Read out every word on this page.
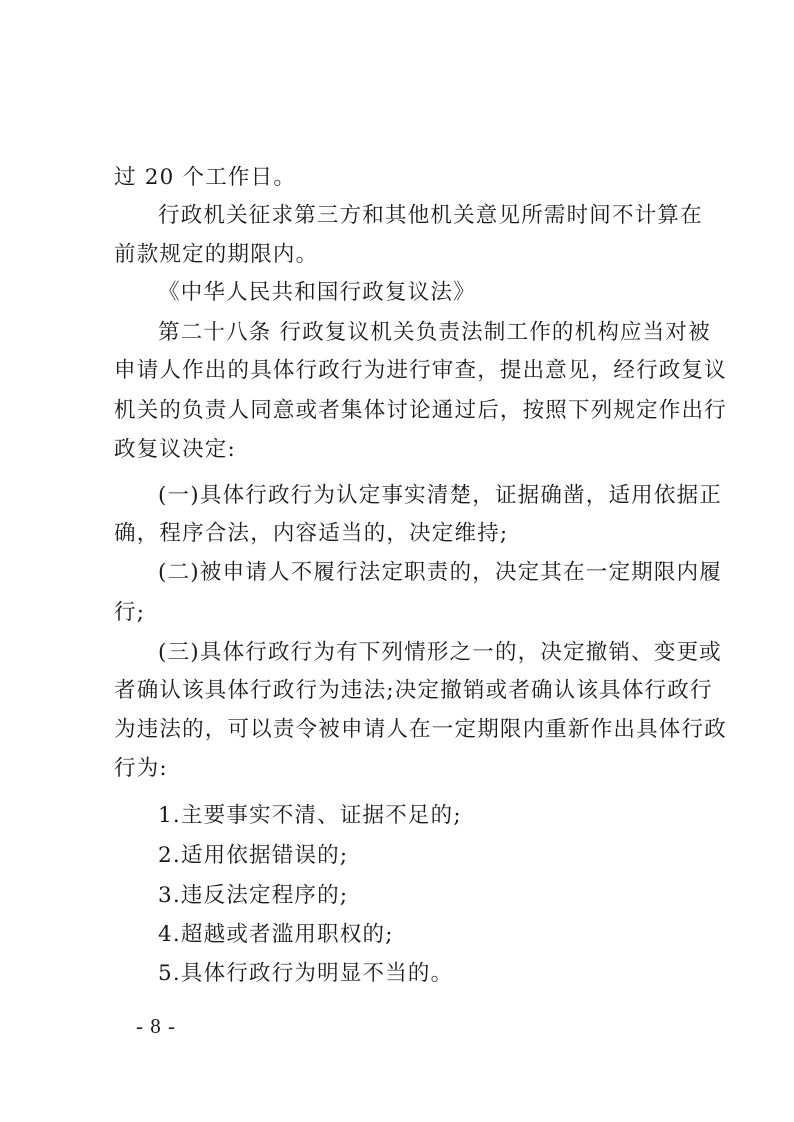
过 20 个工作日。
行政机关征求第三方和其他机关意见所需时间不计算在
前款规定的期限内。
《中华人民共和国行政复议法》
第二十八条 行政复议机关负责法制工作的机构应当对被
申请人作出的具体行政行为进行审查，提出意见，经行政复议
机关的负责人同意或者集体讨论通过后，按照下列规定作出行
政复议决定:
(一)具体行政行为认定事实清楚，证据确凿，适用依据正
确，程序合法，内容适当的，决定维持;
(二)被申请人不履行法定职责的，决定其在一定期限内履
行;
(三)具体行政行为有下列情形之一的，决定撤销、变更或
者确认该具体行政行为违法;决定撤销或者确认该具体行政行
为违法的，可以责令被申请人在一定期限内重新作出具体行政
行为:
1.主要事实不清、证据不足的;
2.适用依据错误的;
3.违反法定程序的;
4.超越或者滥用职权的;
5.具体行政行为明显不当的。
- 8 -
